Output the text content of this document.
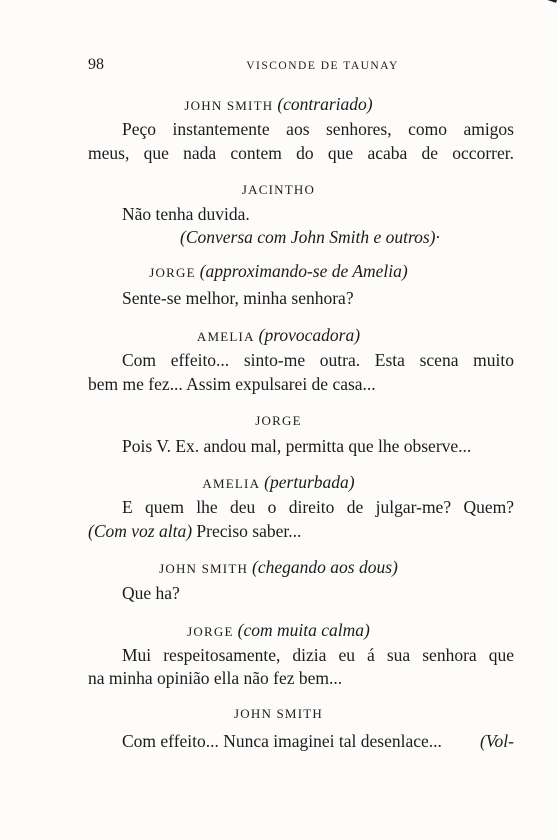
98	VISCONDE DE TAUNAY
JOHN SMITH (contrariado)
Peço instantemente aos senhores, como amigos
meus, que nada contem do que acaba de occorrer.
JACINTHO
Não tenha duvida.
(Conversa com John Smith e outros)·
JORGE (approximando-se de Amelia)
Sente-se melhor, minha senhora?
AMELIA (provocadora)
Com effeito... sinto-me outra. Esta scena muito
bem me fez... Assim expulsarei de casa...
JORGE
Pois V. Ex. andou mal, permitta que lhe observe...
AMELIA (perturbada)
E quem lhe deu o direito de julgar-me? Quem?
(Com voz alta) Preciso saber...
JOHN SMITH (chegando aos dous)
Que ha?
JORGE (com muita calma)
Mui respeitosamente, dizia eu á sua senhora que
na minha opinião ella não fez bem...
JOHN SMITH
Com effeito... Nunca imaginei tal desenlace... (Vol-
